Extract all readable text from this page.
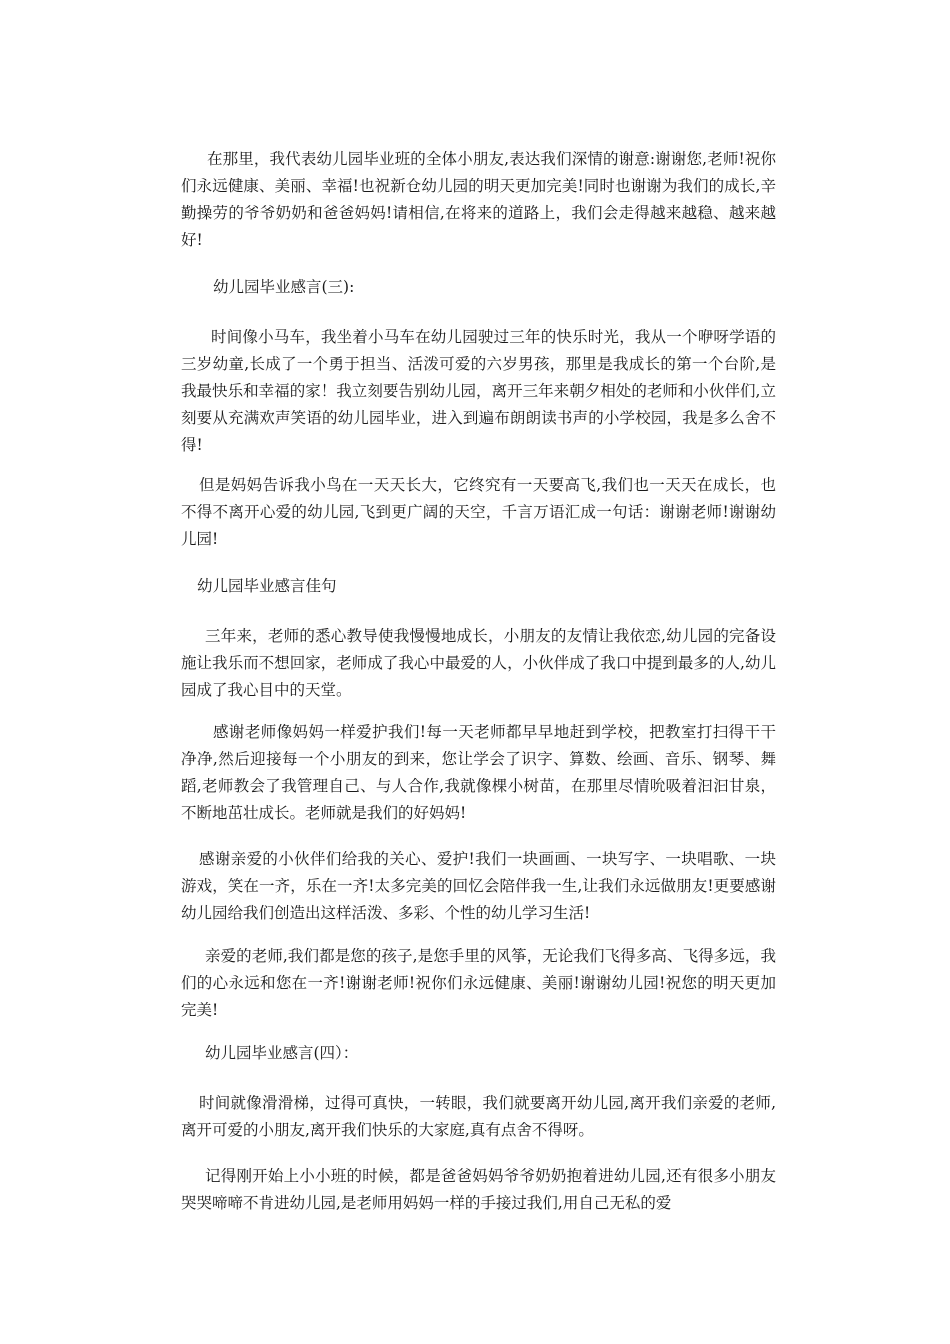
在那里，我代表幼儿园毕业班的全体小朋友,表达我们深情的谢意:谢谢您,老师!祝你们永远健康、美丽、幸福!也祝新仓幼儿园的明天更加完美!同时也谢谢为我们的成长,辛勤操劳的爷爷奶奶和爸爸妈妈!请相信,在将来的道路上，我们会走得越来越稳、越来越好!

幼儿园毕业感言(三):

时间像小马车，我坐着小马车在幼儿园驶过三年的快乐时光，我从一个咿呀学语的三岁幼童,长成了一个勇于担当、活泼可爱的六岁男孩，那里是我成长的第一个台阶,是我最快乐和幸福的家！我立刻要告别幼儿园，离开三年来朝夕相处的老师和小伙伴们,立刻要从充满欢声笑语的幼儿园毕业，进入到遍布朗朗读书声的小学校园，我是多么舍不得!

但是妈妈告诉我小鸟在一天天长大，它终究有一天要高飞,我们也一天天在成长，也不得不离开心爱的幼儿园,飞到更广阔的天空，千言万语汇成一句话：谢谢老师!谢谢幼儿园!

幼儿园毕业感言佳句

三年来，老师的悉心教导使我慢慢地成长，小朋友的友情让我依恋,幼儿园的完备设施让我乐而不想回家，老师成了我心中最爱的人，小伙伴成了我口中提到最多的人,幼儿园成了我心目中的天堂。

感谢老师像妈妈一样爱护我们!每一天老师都早早地赶到学校，把教室打扫得干干净净,然后迎接每一个小朋友的到来，您让学会了识字、算数、绘画、音乐、钢琴、舞蹈,老师教会了我管理自己、与人合作,我就像棵小树苗，在那里尽情吮吸着汩汩甘泉，不断地茁壮成长。老师就是我们的好妈妈!

感谢亲爱的小伙伴们给我的关心、爱护!我们一块画画、一块写字、一块唱歌、一块游戏，笑在一齐，乐在一齐!太多完美的回忆会陪伴我一生,让我们永远做朋友!更要感谢幼儿园给我们创造出这样活泼、多彩、个性的幼儿学习生活!

亲爱的老师,我们都是您的孩子,是您手里的风筝，无论我们飞得多高、飞得多远，我们的心永远和您在一齐!谢谢老师!祝你们永远健康、美丽!谢谢幼儿园!祝您的明天更加完美!

幼儿园毕业感言(四）：

时间就像滑滑梯，过得可真快，一转眼，我们就要离开幼儿园,离开我们亲爱的老师,离开可爱的小朋友,离开我们快乐的大家庭,真有点舍不得呀。

记得刚开始上小小班的时候，都是爸爸妈妈爷爷奶奶抱着进幼儿园,还有很多小朋友哭哭啼啼不肯进幼儿园,是老师用妈妈一样的手接过我们,用自己无私的爱
